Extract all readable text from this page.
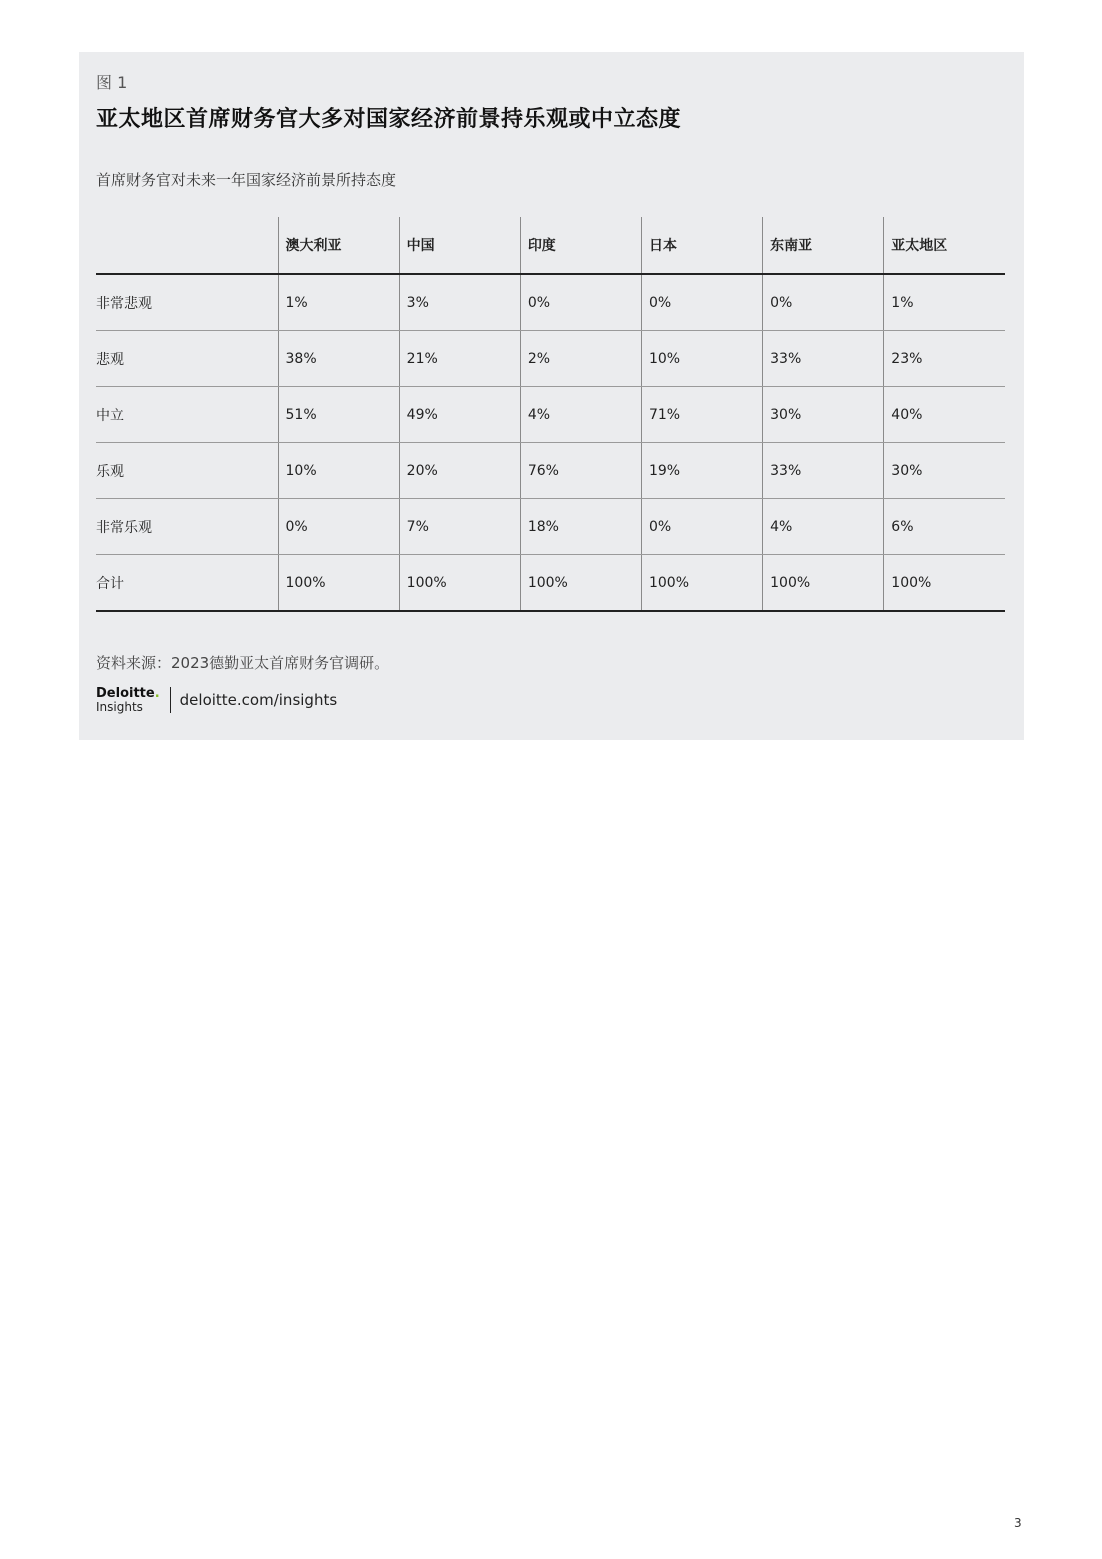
图 1
亚太地区首席财务官大多对国家经济前景持乐观或中立态度
首席财务官对未来一年国家经济前景所持态度
	澳大利亚	中国	印度	日本	东南亚	亚太地区
非常悲观	1%	3%	0%	0%	0%	1%
悲观	38%	21%	2%	10%	33%	23%
中立	51%	49%	4%	71%	30%	40%
乐观	10%	20%	76%	19%	33%	30%
非常乐观	0%	7%	18%	0%	4%	6%
合计	100%	100%	100%	100%	100%	100%
资料来源：2023德勤亚太首席财务官调研。
Deloitte.
Insights	deloitte.com/insights
3
